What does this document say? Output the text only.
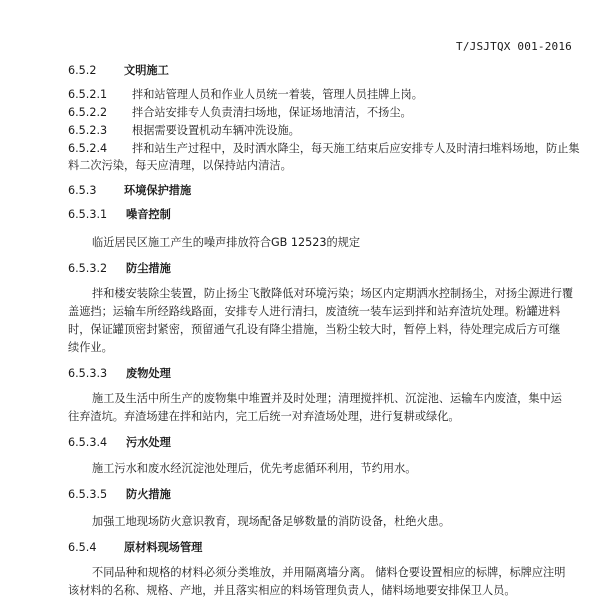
T/JSJTQX 001-2016
6.5.2 文明施工
6.5.2.1 拌和站管理人员和作业人员统一着装，管理人员挂牌上岗。
6.5.2.2 拌合站安排专人负责清扫场地，保证场地清洁，不扬尘。
6.5.2.3 根据需要设置机动车辆冲洗设施。
6.5.2.4 拌和站生产过程中，及时洒水降尘，每天施工结束后应安排专人及时清扫堆料场地，防止集
料二次污染，每天应清理，以保持站内清洁。
6.5.3 环境保护措施
6.5.3.1 噪音控制
临近居民区施工产生的噪声排放符合GB 12523的规定
6.5.3.2 防尘措施
拌和楼安装除尘装置，防止扬尘飞散降低对环境污染；场区内定期洒水控制扬尘，对扬尘源进行覆
盖遮挡；运输车所经路线路面，安排专人进行清扫，废渣统一装车运到拌和站弃渣坑处理。粉罐进料
时，保证罐顶密封紧密，预留通气孔设有降尘措施，当粉尘较大时，暂停上料，待处理完成后方可继
续作业。
6.5.3.3 废物处理
施工及生活中所生产的废物集中堆置并及时处理；清理搅拌机、沉淀池、运输车内废渣，集中运
往弃渣坑。弃渣场建在拌和站内，完工后统一对弃渣场处理，进行复耕或绿化。
6.5.3.4 污水处理
施工污水和废水经沉淀池处理后，优先考虑循环利用，节约用水。
6.5.3.5 防火措施
加强工地现场防火意识教育，现场配备足够数量的消防设备，杜绝火患。
6.5.4 原材料现场管理
不同品种和规格的材料必须分类堆放，并用隔离墙分离。 储料仓要设置相应的标牌，标牌应注明
该材料的名称、规格、产地，并且落实相应的料场管理负责人，储料场地要安排保卫人员。
